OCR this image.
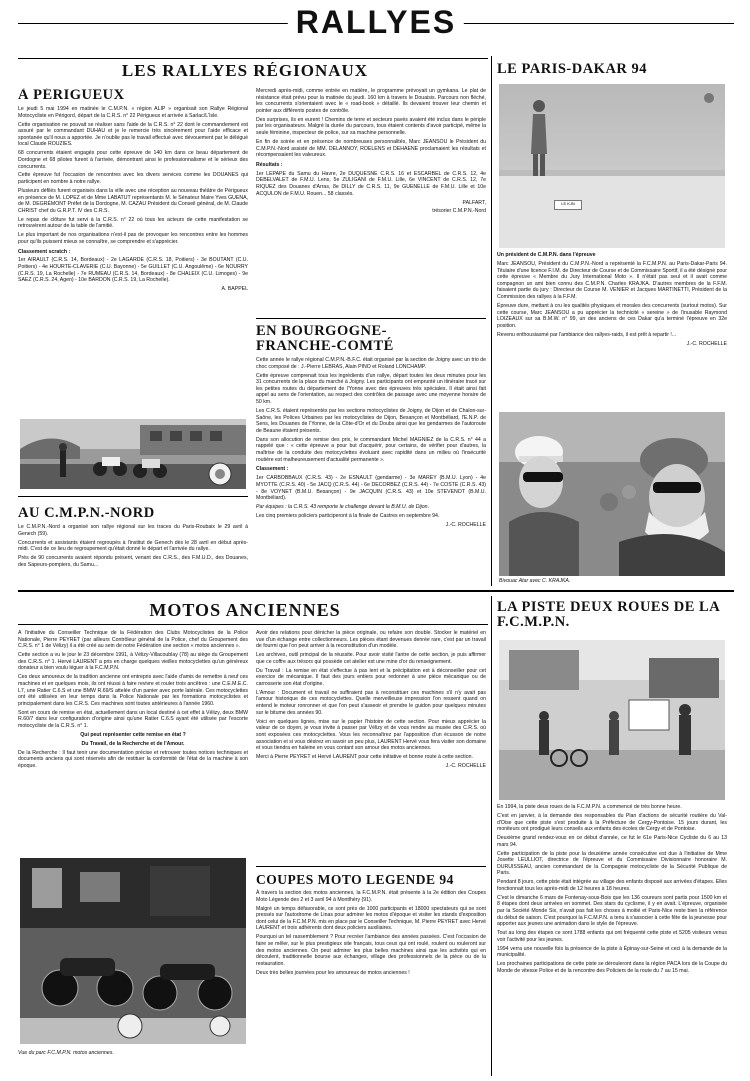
RALLYES
LES RALLYES RÉGIONAUX
À PÉRIGUEUX

Le jeudi 5 mai 1994 en matinée le C.M.P.N. « région ALIP » organisait son Rallye Régional Motocycliste en Périgord, départ de la C.R.S. n° 22 Périgueux et arrivée à Sarlac/L'Isle.

Cette organisation ne pouvait se réaliser sans l'aide de la C.R.S. n° 22 dont le commandement est assuré par le commandant DUHAU et je le remercie très sincèrement pour l'aide efficace et spontanée qu'il nous a apportée. Je n'oublie pas le travail effectué avec dévouement par le délégué local Claude ROUZIES.

68 concurrents étaient engagés pour cette épreuve de 140 km dans ce beau département de Dordogne et 68 pilotes furent à l'arrivée, démontrant ainsi le professionnalisme et le sérieux des concurrents.

Cette épreuve fut l'occasion de rencontres avec les divers services comme les DOUANES qui participent en nombre à notre rallye.

Plusieurs défilés furent organisés dans la ville avec une réception au nouveau théâtre de Périgueux en présence de M. LOPEZ et de Mme LABATUT représentants M. le Sénateur Maire Yves GUENA, de M. DEGRÉMONT Préfet de la Dordogne, M. CAZAU Président du Conseil général, de M. Claude CHRIST chef du G.R.P.T. IV des C.R.S.

Le repas de clôture fut servi à la C.R.S. n° 22 où tous les acteurs de cette manifestation se retrouvèrent autour de la table de l'amitié.

Le plus important de nos organisations n'est-il pas de provoquer les rencontres entre les hommes pour qu'ils puissent mieux se connaître, se comprendre et s'apprécier.

Classement scratch :

1er AIRAULT (C.R.S. 14, Bordeaux) - 2e LAGARDE (C.R.S. 18, Poitiers) - 3e BOUTANT (C.U. Poitiers) - 4e HOURTE-CLAVERIE (C.U. Bayonne) - 5e GUILLET (C.U. Angoulême) - 6e NOURRY (C.R.S. 19, La Rochelle) - 7e RUMEAU (C.R.S. 14, Bordeaux) - 8e CHALEIX (C.U. Limoges) - 9e SAEZ (C.R.S. 24, Agen) - 10e BARDON (C.R.S. 19, La Rochelle).

A. BAPPEL
AU C.M.P.N.-NORD

Le C.M.P.N.-Nord a organisé son rallye régional sur les traces du Paris-Roubaix le 29 avril à Genech (59).

Concurrents et assistants étaient regroupés à l'institut de Genech dès le 28 avril en début après-midi. C'est de ce lieu de regroupement qu'était donné le départ et l'arrivée du rallye.

Près de 90 concurrents avaient répondu présent, venant des C.R.S., des F.M.U.D., des Douanes, des Sapeurs-pompiers, du Samu...

Mercredi après-midi, comme entrée en matière, le programme prévoyait un gymkana. Le plat de résistance était prévu pour la matinée du jeudi. 160 km à travers le Douaisis. Parcours non fléché, les concurrents s'orientaient avec le « road-book » détaillé. Ils devaient trouver leur chemin et pointer aux différents postes de contrôle.

Des surprises, ils en eurent ! Chemins de terre et secteurs pavés avaient été inclus dans le périple par les organisateurs. Malgré la durée du parcours, tous étaient contents d'avoir participé, même la seule féminine, inspecteur de police, sur sa machine personnelle.

En fin de soirée et en présence de nombreuses personnalités, Marc JEANSOU le Président du C.M.P.N.-Nord assisté de MM. DELANNOY, ROELENS et DEHAENE proclamaient les résultats et récompensaient les valeureux.

Résultats :

1er LEPAPE du Samu du Havre, 2e DUQUESNE C.R.S. 16 et ESCARBEL de C.R.S. 12, 4e DEBELVALET de F.M.U. Lens, 5e ZULIGANI de F.M.U. Lille, 6e VINCENT de C.R.S. 12, 7e RIQUEZ des Douanes d'Arras, 8e DILLY de C.R.S. 11, 9e GUENELLE de F.M.U. Lille et 10e ACQULON de F.M.U. Rouen... 58 classés.

PALFART,
trésorier C.M.P.N.-Nord
EN BOURGOGNE-FRANCHE-COMTÉ

Cette année le rallye régional C.M.P.N.-B.F.C. était organisé par la section de Joigny avec un trio de choc composé de : J.-Pierre LEBRAS, Alain PINO et Roland LONCHAMP.

Cette épreuve comprenait tous les ingrédients d'un rallye, départ toutes les deux minutes pour les 31 concurrents de la place du marché à Joigny. Les participants ont emprunté un itinéraire tracé sur les petites routes du département de l'Yonne avec des épreuves très spéciales. Il était ainsi fait appel au sens de l'orientation, au respect des contrôles de passage avec une moyenne horaire de 50 km.

Les C.R.S. étaient représentés par les sections motocyclistes de Joigny, de Dijon et de Chalon-sur-Saône, les Polices Urbaines par les motocyclistes de Dijon, Besançon et Montbéliard, l'E.N.P. de Sens, les Douanes de l'Yonne, de la Côte-d'Or et du Doubs ainsi que les gendarmes de l'autoroute de Beaune étaient présents.

Dans son allocution de remise des prix, le commandant Michel MAGNIEZ de la C.R.S. n° 44 a rappelé que : « cette épreuve a pour but d'acquérir, pour certains, de vérifier pour d'autres, la maîtrise de la conduite des motocyclettes évoluant avec rapidité dans un milieu où l'insécurité routière est malheureusement d'actualité permanente ».

Classement :

1er CARBOBBAUX (C.R.S. 43) - 2e ESNAULT (gendarme) - 3e MAREY (B.M.U. Lyon) - 4e MYOTTE (C.R.S. 40) - 5e JACQ (C.R.S. 44) - 6e DECORBEZ (C.R.S. 44) - 7e COSTE (C.R.S. 43) - 8e VOYNET (B.M.U. Besançon) - 9e JACQUIN (C.R.S. 43) et 10e STEVENOT (B.M.U. Montbéliard).

Par équipes : la C.R.S. 43 remporte le challenge devant la B.M.U. de Dijon.

Les cinq premiers policiers participeront à la finale de Castres en septembre 94.

J.-C. ROCHELLE
LE PARIS-DAKAR 94
LE KJN

Un président de C.M.P.N. dans l'épreuve

Marc JEANSOU, Président du C.M.P.N.-Nord a représenté la F.C.M.P.N. au Paris-Dakar-Paris 94. Titulaire d'une licence F.I.M. de Directeur de Course et de Commissaire Sportif, il a été désigné pour cette épreuve « Membre du Jury International Moto ». Il n'était pas seul et il avait comme compagnon un ami bien connu des C.M.P.N. Charles KRAJKA. D'autres membres de la F.F.M. faisaient partie du jury : Directeur de Course M. VENIER et Jacques MARTINETTI, Président de la Commission des rallyes à la F.F.M.

Épreuve dure, mettant à cru les qualités physiques et morales des concurrents (surtout motos). Sur cette course, Marc JEANSOU a pu apprécier la technicité « sereine » de l'inusable Raymond LOIZEAUX sur sa B.M.W. n° 99, un des anciens de ces Dakar qu'a terminé l'épreuve en 32e position.

Revenu enthousiasmé par l'ambiance des rallyes-raids, il est prêt à repartir !...

J.-C. ROCHELLE
Bivouac Atar avec C. KRAJKA.
MOTOS ANCIENNES

À l'initiative du Conseiller Technique de la Fédération des Clubs Motocyclistes de la Police Nationale, Pierre PEYRET (par ailleurs Contrôleur général de la Police, chef du Groupement des C.R.S. n° 1 de Vélizy) il a été créé au sein de notre Fédération une section « motos anciennes ».

Cette section a vu le jour le 23 décembre 1991, à Vélizy-Villacoublay (78) au siège du Groupement des C.R.S. n° 1. Hervé LAURENT a pris en charge quelques vieilles motocyclettes qu'un généreux donateur a bien voulu léguer à la F.C.M.P.N.

Ces deux amoureux de la tradition ancienne ont entrepris avec l'aide d'amis de remettre à neuf ces machines et en quelques mois, ils ont réussi à faire revivre et rouler trois ancêtres : une C.E.M.E.C. L7, une Ratier C.6.S et une BMW R.69/S attelée d'un panier avec porte latérale. Ces motocyclettes ont été utilisées en leur temps dans la Police Nationale par les formations motocyclistes et principalement dans les C.R.S. Ces machines sont toutes antérieures à l'année 1960.

Sont en cours de remise en état, actuellement dans un local destiné à cet effet à Vélizy, deux BMW R.60/7 dans leur configuration d'origine ainsi qu'une Ratier C.6.S ayant été utilisée par l'escorte motocycliste de la C.R.S. n° 1.

Qui peut représenter cette remise en état ?

Du Travail, de la Recherche et de l'Amour.

De la Recherche : Il faut tenir une documentation précise et retrouver toutes notices techniques et documents anciens qui sont réservés afin de restituer la conformité de l'état de la machine à son époque.

Vue du parc F.C.M.P.N. motos anciennes.

Avoir des relations pour dénicher la pièce originale, ou refaire son double. Stocker le matériel en vue d'un échange entre collectionneurs. Les pièces étant devenues denrée rare, c'est par un travail de fourmi que l'on peut arriver à la reconstitution d'un modèle.

Les archives, outil principal de la réussite. Pour avoir visité l'antre de cette section, je puis affirmer que ce coffre aux trésors qui possède cet atelier est une mine d'or du renseignement.

Du Travail : La remise en état s'effectue à pas lent et la précipitation est à déconseiller pour cet exercice de mécanique. Il faut des jours entiers pour redonner à une pièce mécanique ou de carrosserie son état d'origine.

L'Amour : Document et travail ne suffiraient pas à reconstituer ces machines s'il n'y avait pas l'amour historique de ces motocyclettes. Quelle merveilleuse impression l'on ressent quand on entend le moteur ronronner et que l'on peut s'asseoir et prendre le guidon pour quelques minutes sur le bitume des années 90.

Voici en quelques lignes, mise sur le papier l'histoire de cette section. Pour mieux apprécier la valeur de ce doyen, je vous invite à passer par Vélizy et de vous rendre au musée des C.R.S. où sont exposées ces motocyclettes. Vous les reconnaîtrez par l'apposition d'un écusson de notre association et si vous désirez en savoir un peu plus, LAURENT Hervé vous fera visiter son domaine et vous tiendra en haleine en vous contant son amour des motos anciennes.

Merci à Pierre PEYRET et Hervé LAURENT pour cette initiative et bonne route à cette section.

J.-C. ROCHELLE
COUPES MOTO LEGENDE 94

À travers la section des motos anciennes, la F.C.M.P.N. était présente à la 2e édition des Coupes Moto Légende des 2 et 3 avril 94 à Montlhéry (91).

Malgré un temps défavorable, ce sont près de 1000 participants et 18000 spectateurs qui se sont pressés sur l'autodrome de Linas pour admirer les motos d'époque et visiter les stands d'exposition dont celui de la F.C.M.P.N. mis en place par le Conseiller Technique, M. Pierre PEYRET avec Hervé LAURENT et trois adhérents dont deux policiers auxiliaires.

Pourquoi un tel rassemblement ? Pour recréer l'ambiance des années passées. C'est l'occasion de faire se mêler, sur le plus prestigieux site français, tous ceux qui ont roulé, roulent ou rouleront sur des motos anciennes. On peut admirer les plus belles machines ainsi que les activités qui en découlent, traditionnelle bourse aux échanges, village des professionnels de la pièce ou de la restauration.

Deux très belles journées pour les amoureux de motos anciennes !

LA PISTE DEUX ROUES DE LA F.C.M.P.N.

En 1994, la piste deux roues de la F.C.M.P.N. a commencé de très bonne heure.

C'est en janvier, à la demande des responsables du Plan d'actions de sécurité routière du Val-d'Oise que cette piste s'est produite à la Préfecture de Cergy-Pontoise. 15 jours durant, les moniteurs ont prodigué leurs conseils aux enfants des écoles de Cergy et de Pontoise.

Deuxième grand rendez-vous en ce début d'année, ce fut le 61e Paris-Nice Cycliste du 6 au 13 mars 94.

Cette participation de la piste pour la deuxième année consécutive est due à l'initiative de Mme Josette LEULLIOT, directrice de l'épreuve et du Commissaire Divisionnaire honoraire M. DURUISSEAU, ancien commandant de la Compagnie motocycliste de la Sécurité Publique de Paris.

Pendant 8 jours, cette piste était intégrée au village des enfants disposé aux arrivées d'étapes. Elles fonctionnait tous les après-midi de 12 heures à 18 heures.

C'est le dimanche 6 mars de Fontenay-sous-Bois que les 136 coureurs sont partis pour 1500 km et 8 étapes dont deux arrivées en sommet. Des stars du cyclisme, il y en avait. L'épreuve, organisée par la Société Monde Six, n'avait pas fait les choses à moitié et Paris-Nice reste bien la référence du début de saison. C'est pourquoi la F.C.M.P.N. a tenu à s'associer à cette fête de la jeunesse pour apporter aux jeunes une animation dans le style de l'épreuve.

Tout au long des étapes ce sont 1788 enfants qui ont fréquenté cette piste et 5205 visiteurs venus voir l'activité pour les jeunes.

1994 verra une nouvelle fois la présence de la piste à Épinay-sur-Seine et ceci à la demande de la municipalité.

Les prochaines participations de cette piste se dérouleront dans la région PACA lors de la Coupe du Monde de vitesse Police et de la rencontre des Policiers de la route du 7 au 15 mai.
